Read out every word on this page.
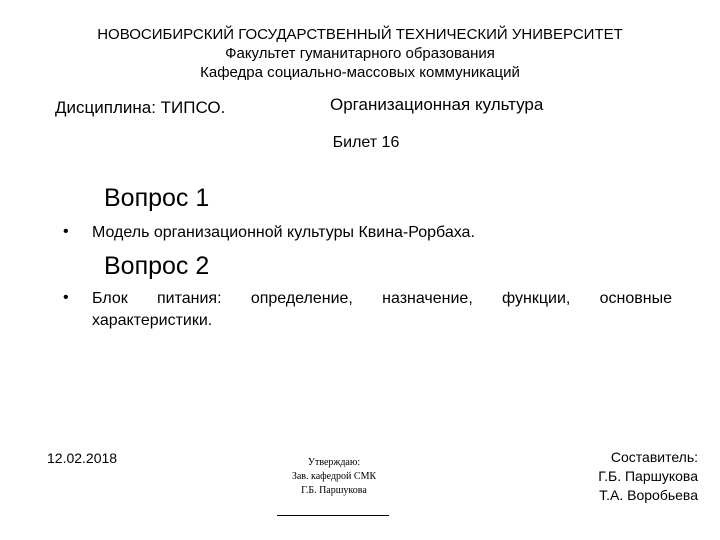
НОВОСИБИРСКИЙ ГОСУДАРСТВЕННЫЙ ТЕХНИЧЕСКИЙ УНИВЕРСИТЕТ
Факультет гуманитарного образования
Кафедра социально-массовых коммуникаций
Дисциплина: ТИПСО.	Организационная культура
Билет 16
Вопрос 1
• Модель организационной культуры Квина-Рорбаха.
Вопрос 2
• Блок питания: определение, назначение, функции, основные характеристики.
12.02.2018	Утверждаю:
Зав. кафедрой СМК
Г.Б. Паршукова
Составитель:
Г.Б. Паршукова
Т.А. Воробьева
